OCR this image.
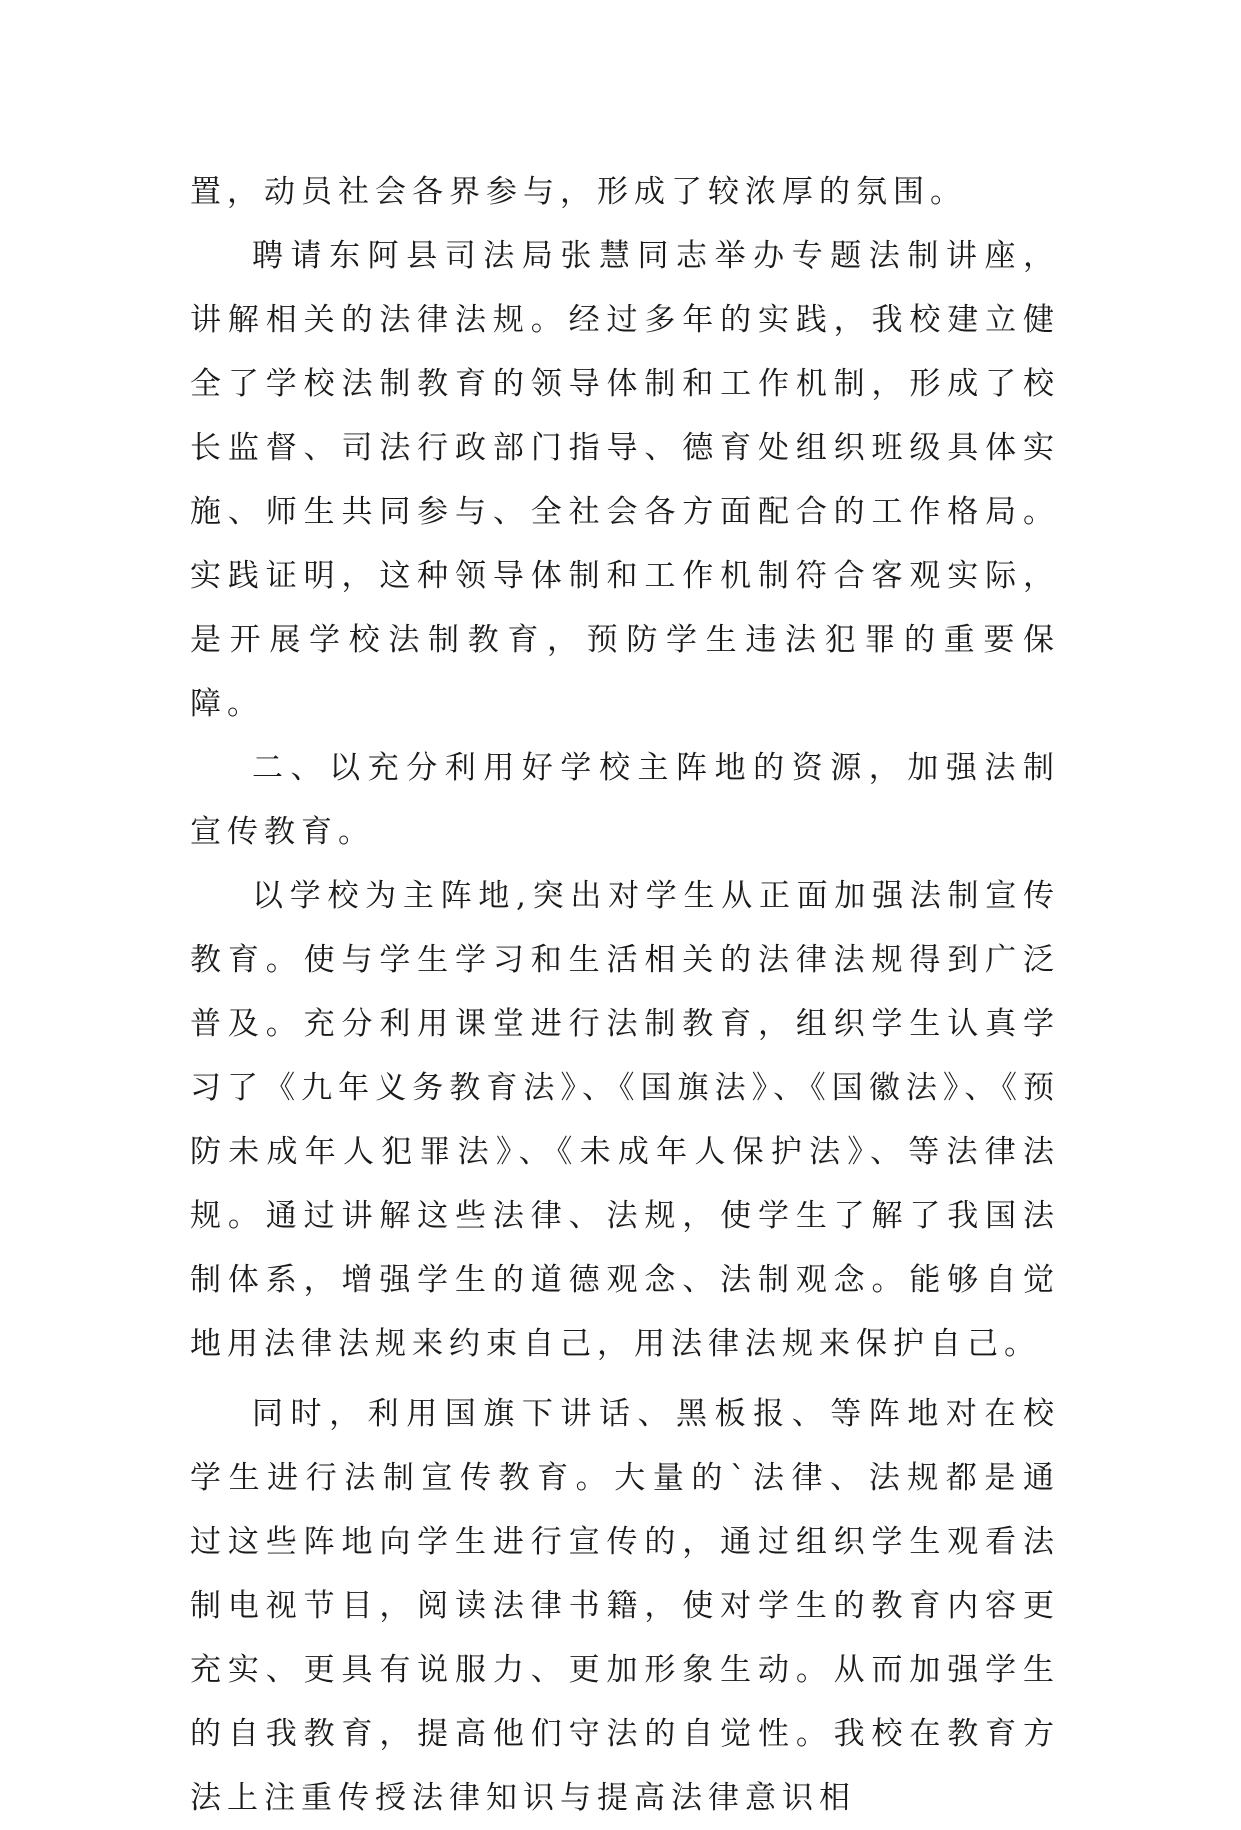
置，动员社会各界参与，形成了较浓厚的氛围。

聘请东阿县司法局张慧同志举办专题法制讲座，讲解相关的法律法规。经过多年的实践，我校建立健全了学校法制教育的领导体制和工作机制，形成了校长监督、司法行政部门指导、德育处组织班级具体实施、师生共同参与、全社会各方面配合的工作格局。实践证明，这种领导体制和工作机制符合客观实际，是开展学校法制教育，预防学生违法犯罪的重要保障。

二、以充分利用好学校主阵地的资源，加强法制宣传教育。

以学校为主阵地,突出对学生从正面加强法制宣传教育。使与学生学习和生活相关的法律法规得到广泛普及。充分利用课堂进行法制教育，组织学生认真学习了《九年义务教育法》、《国旗法》、《国徽法》、《预防未成年人犯罪法》、《未成年人保护法》、等法律法规。通过讲解这些法律、法规，使学生了解了我国法制体系，增强学生的道德观念、法制观念。能够自觉地用法律法规来约束自己，用法律法规来保护自己。

同时，利用国旗下讲话、黑板报、等阵地对在校学生进行法制宣传教育。大量的`法律、法规都是通过这些阵地向学生进行宣传的，通过组织学生观看法制电视节目，阅读法律书籍，使对学生的教育内容更充实、更具有说服力、更加形象生动。从而加强学生的自我教育，提高他们守法的自觉性。我校在教育方法上注重传授法律知识与提高法律意识相
